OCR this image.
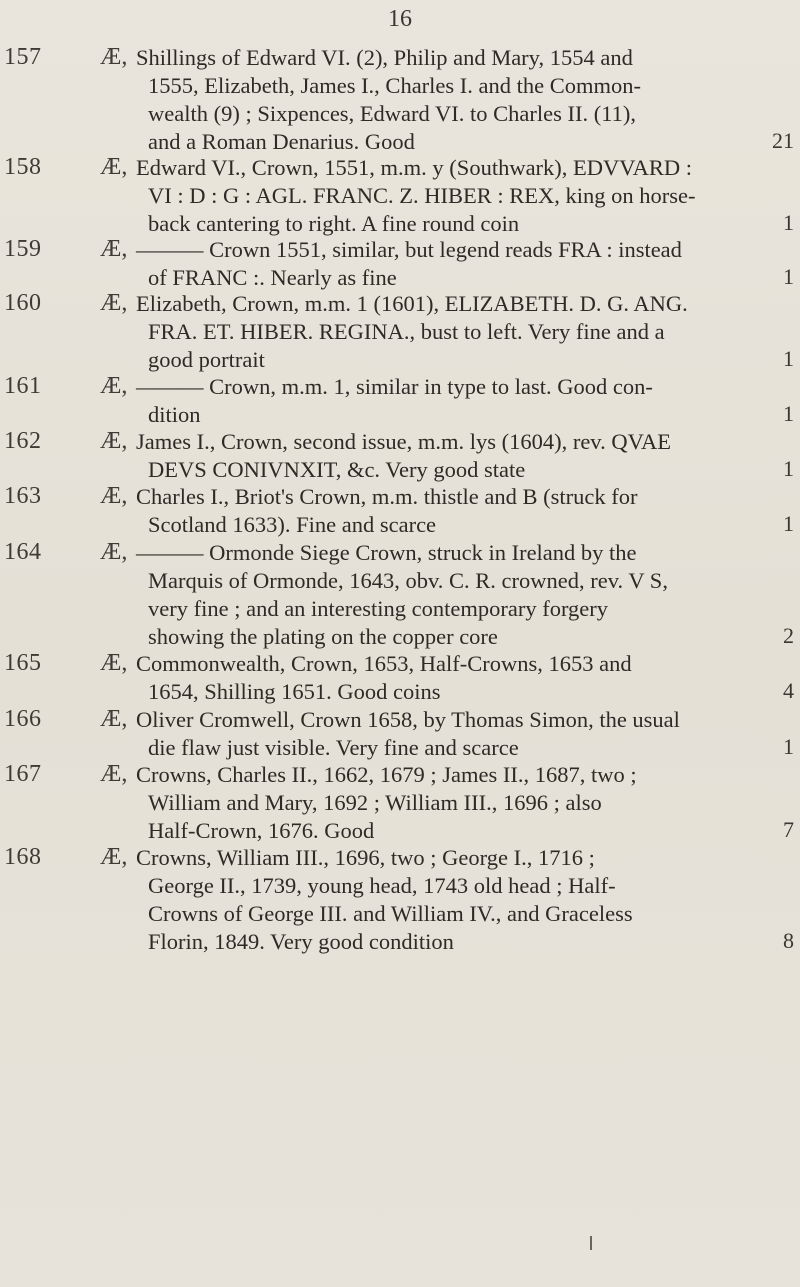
16
157 Æ, Shillings of Edward VI. (2), Philip and Mary, 1554 and
1555, Elizabeth, James I., Charles I. and the Common-
wealth (9) ; Sixpences, Edward VI. to Charles II. (11),
and a Roman Denarius. Good	21
158 Æ, Edward VI., Crown, 1551, m.m. y (Southwark), EDVVARD :
VI : D : G : AGL. FRANC. Z. HIBER : REX, king on horse-
back cantering to right. A fine round coin	1
159 Æ, ——— Crown 1551, similar, but legend reads FRA : instead
of FRANC :. Nearly as fine	1
160 Æ, Elizabeth, Crown, m.m. 1 (1601), ELIZABETH. D. G. ANG.
FRA. ET. HIBER. REGINA., bust to left. Very fine and a
good portrait	1
161 Æ, ——— Crown, m.m. 1, similar in type to last. Good con-
dition	1
162 Æ, James I., Crown, second issue, m.m. lys (1604), rev. QVAE
DEVS CONIVNXIT, &c. Very good state	1
163 Æ, Charles I., Briot's Crown, m.m. thistle and B (struck for
Scotland 1633). Fine and scarce	1
164 Æ, ——— Ormonde Siege Crown, struck in Ireland by the
Marquis of Ormonde, 1643, obv. C. R. crowned, rev. V S,
very fine ; and an interesting contemporary forgery
showing the plating on the copper core	2
165 Æ, Commonwealth, Crown, 1653, Half-Crowns, 1653 and
1654, Shilling 1651. Good coins	4
166 Æ, Oliver Cromwell, Crown 1658, by Thomas Simon, the usual
die flaw just visible. Very fine and scarce	1
167 Æ, Crowns, Charles II., 1662, 1679 ; James II., 1687, two ;
William and Mary, 1692 ; William III., 1696 ; also
Half-Crown, 1676. Good	7
168 Æ, Crowns, William III., 1696, two ; George I., 1716 ;
George II., 1739, young head, 1743 old head ; Half-
Crowns of George III. and William IV., and Graceless
Florin, 1849. Very good condition	8
